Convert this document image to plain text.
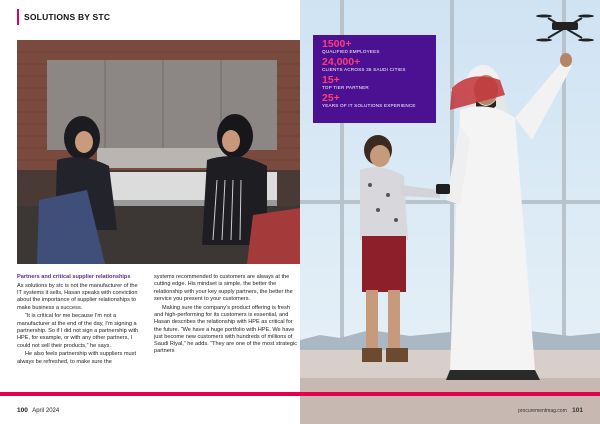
SOLUTIONS BY STC

Partners and critical supplier relationships

As solutions by stc is not the manufacturer of the IT systems it sells, Hasan speaks with conviction about the importance of supplier relationships to make business a success.

“It is critical for me because I’m not a manufacturer at the end of the day, I’m signing a partnership. So if I did not sign a partnership with HPE, for example, or with any other partners, I could not sell their products,” he says.

He also feels partnership with suppliers must always be refreshed, to make sure the

systems recommended to customers are always at the cutting edge. His mindset is simple, the better the relationship with your key supply partners, the better the service you present to your customers.

Making sure the company’s product offering is fresh and high-performing for its customers is essential, and Hasan describes the relationship with HPE as critical for the future. “We have a huge portfolio with HPE. We have just become new customers with hundreds of millions of Saudi Riyal,” he adds. “They are one of the most strategic partners

1500+
QUALIFIED EMPLOYEES
24,000+
CLIENTS ACROSS 35 SAUDI CITIES
15+
TOP TIER PARTNER
25+
YEARS OF IT SOLUTIONS EXPERIENCE
100 April 2024	procurementmag.com 101
